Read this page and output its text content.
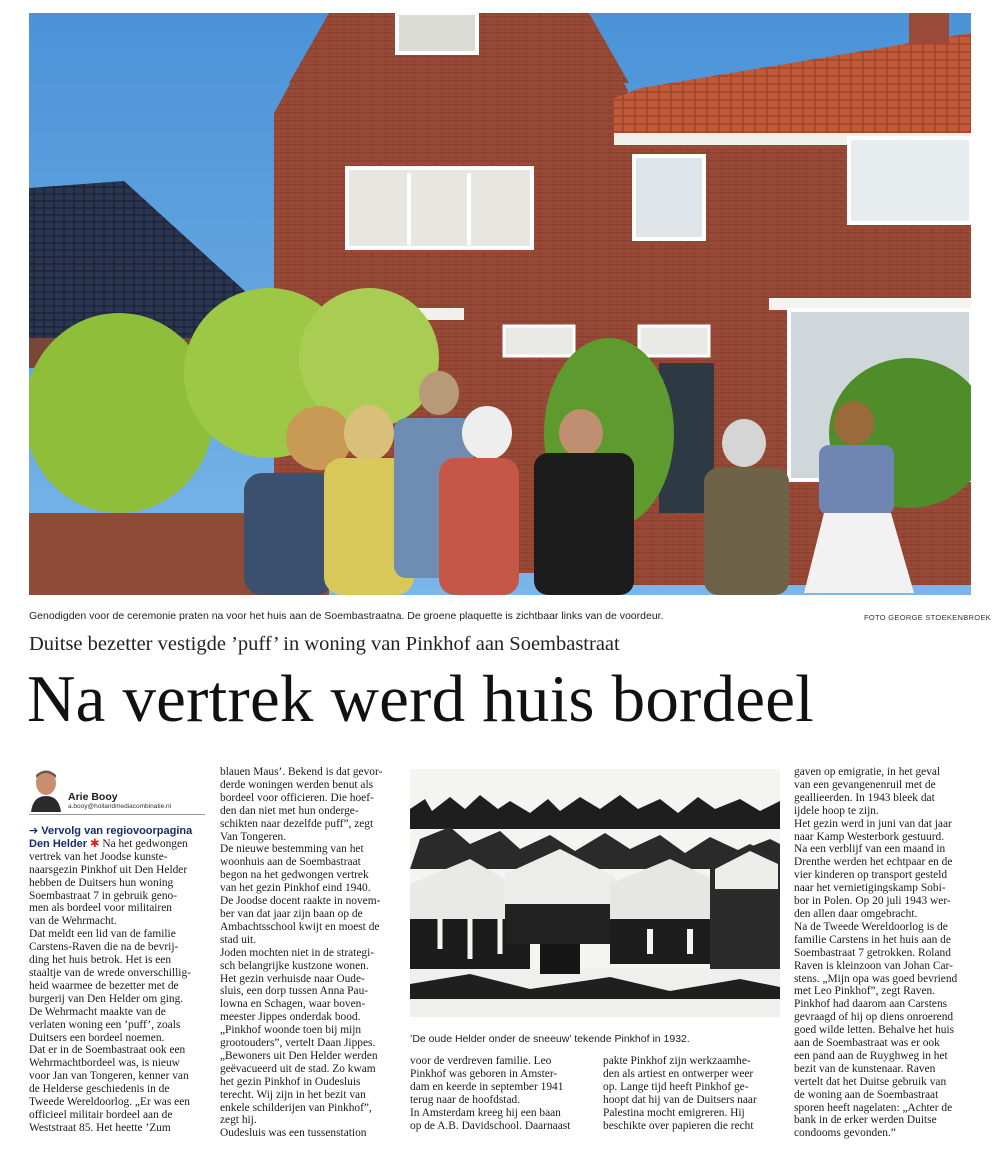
Genodigden voor de ceremonie praten na voor het huis aan de Soembastraatna. De groene plaquette is zichtbaar links van de voordeur.	FOTO GEORGE STOEKENBROEK
Duitse bezetter vestigde ’puff’ in woning van Pinkhof aan Soembastraat
Na vertrek werd huis bordeel
Arie Booy
a.booy@hollandmediacombinatie.nl
➔ Vervolg van regiovoorpagina
Den Helder ✱ Na het gedwongen
vertrek van het Joodse kunste-
naarsgezin Pinkhof uit Den Helder
hebben de Duitsers hun woning
Soembastraat 7 in gebruik geno-
men als bordeel voor militairen
van de Wehrmacht.
Dat meldt een lid van de familie
Carstens-Raven die na de bevrij-
ding het huis betrok. Het is een
staaltje van de wrede onverschillig-
heid waarmee de bezetter met de
burgerij van Den Helder om ging.
De Wehrmacht maakte van de
verlaten woning een ’puff’, zoals
Duitsers een bordeel noemen.
Dat er in de Soembastraat ook een
Wehrmachtbordeel was, is nieuw
voor Jan van Tongeren, kenner van
de Helderse geschiedenis in de
Tweede Wereldoorlog. „Er was een
officieel militair bordeel aan de
Weststraat 85. Het heette ’Zum
blauen Maus’. Bekend is dat gevor-
derde woningen werden benut als
bordeel voor officieren. Die hoef-
den dan niet met hun onderge-
schikten naar dezelfde puff”, zegt
Van Tongeren.
De nieuwe bestemming van het
woonhuis aan de Soembastraat
begon na het gedwongen vertrek
van het gezin Pinkhof eind 1940.
De Joodse docent raakte in novem-
ber van dat jaar zijn baan op de
Ambachtsschool kwijt en moest de
stad uit.
Joden mochten niet in de strategi-
sch belangrijke kustzone wonen.
Het gezin verhuisde naar Oude-
sluis, een dorp tussen Anna Pau-
lowna en Schagen, waar boven-
meester Jippes onderdak bood.
„Pinkhof woonde toen bij mijn
grootouders”, vertelt Daan Jippes.
„Bewoners uit Den Helder werden
geëvacueerd uit de stad. Zo kwam
het gezin Pinkhof in Oudesluis
terecht. Wij zijn in het bezit van
enkele schilderijen van Pinkhof”,
zegt hij.
Oudesluis was een tussenstation
’De oude Helder onder de sneeuw’ tekende Pinkhof in 1932.
voor de verdreven familie. Leo
Pinkhof was geboren in Amster-
dam en keerde in september 1941
terug naar de hoofdstad.
In Amsterdam kreeg hij een baan
op de A.B. Davidschool. Daarnaast
pakte Pinkhof zijn werkzaamhe-
den als artiest en ontwerper weer
op. Lange tijd heeft Pinkhof ge-
hoopt dat hij van de Duitsers naar
Palestina mocht emigreren. Hij
beschikte over papieren die recht
gaven op emigratie, in het geval
van een gevangenenruil met de
geallieerden. In 1943 bleek dat
ijdele hoop te zijn.
Het gezin werd in juni van dat jaar
naar Kamp Westerbork gestuurd.
Na een verblijf van een maand in
Drenthe werden het echtpaar en de
vier kinderen op transport gesteld
naar het vernietigingskamp Sobi-
bor in Polen. Op 20 juli 1943 wer-
den allen daar omgebracht.
Na de Tweede Wereldoorlog is de
familie Carstens in het huis aan de
Soembastraat 7 getrokken. Roland
Raven is kleinzoon van Johan Car-
stens. „Mijn opa was goed bevriend
met Leo Pinkhof”, zegt Raven.
Pinkhof had daarom aan Carstens
gevraagd of hij op diens onroerend
goed wilde letten. Behalve het huis
aan de Soembastraat was er ook
een pand aan de Ruyghweg in het
bezit van de kunstenaar. Raven
vertelt dat het Duitse gebruik van
de woning aan de Soembastraat
sporen heeft nagelaten: „Achter de
bank in de erker werden Duitse
condooms gevonden.”
